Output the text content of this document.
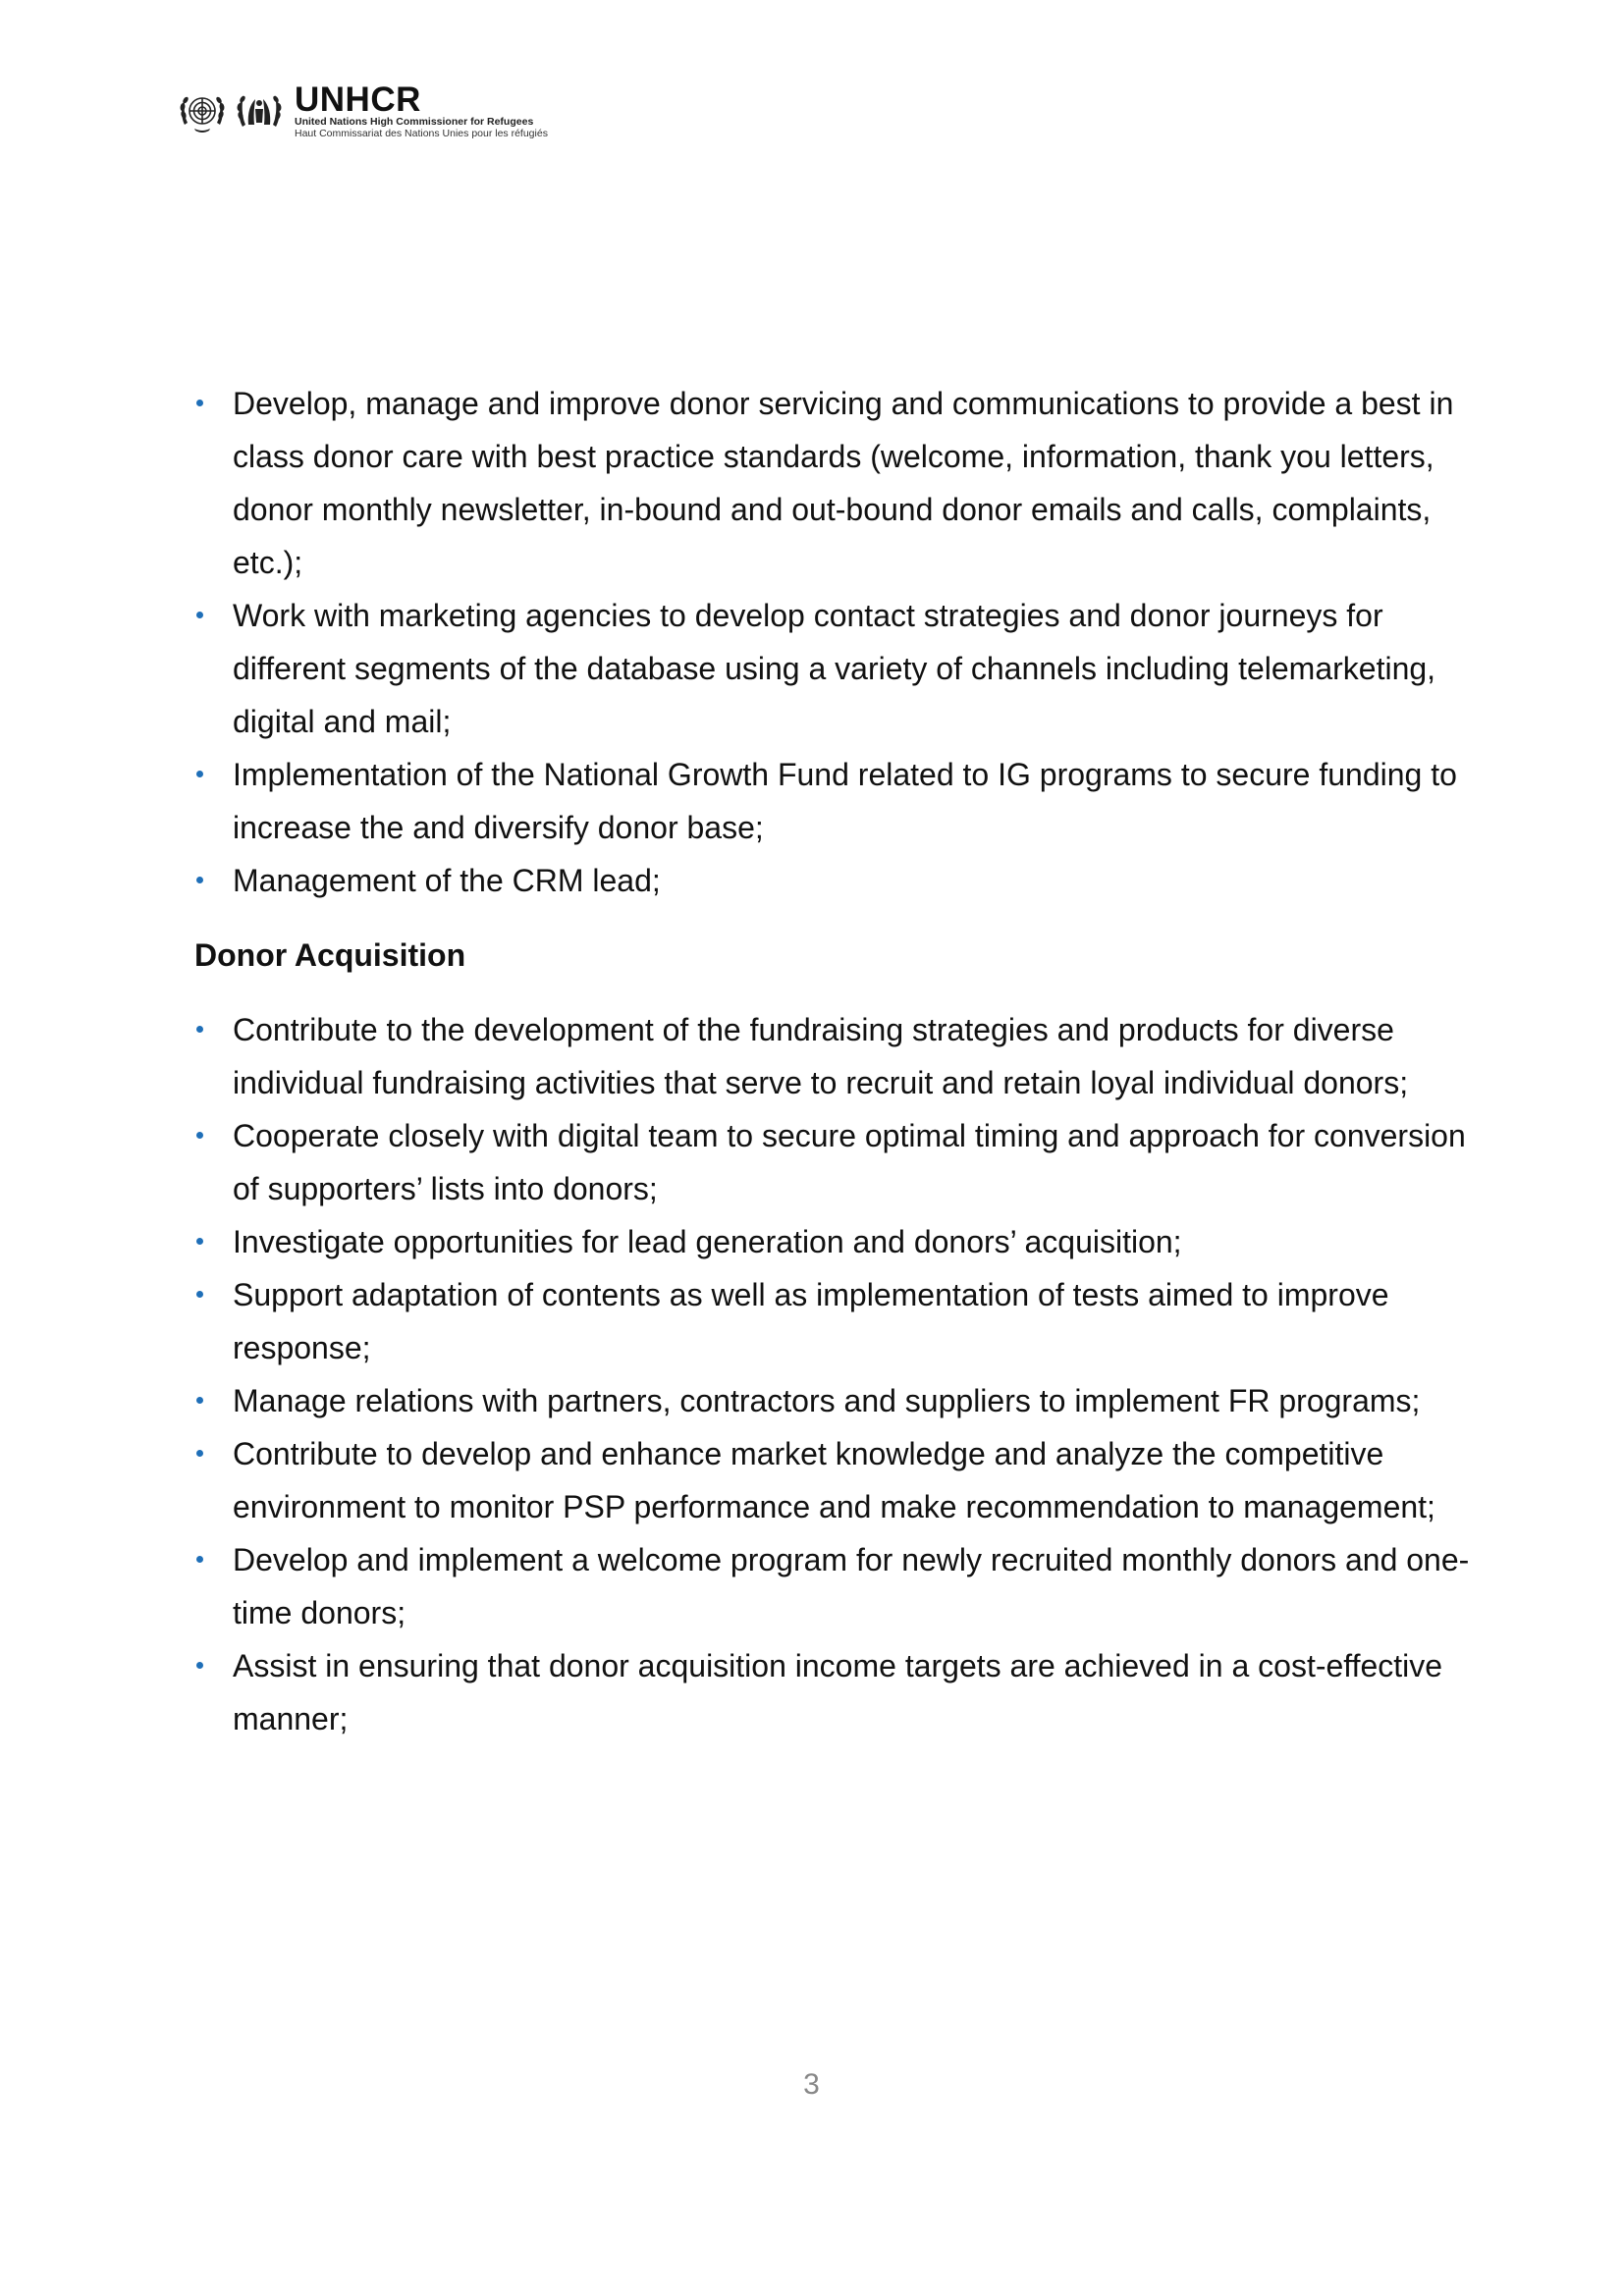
UNHCR
United Nations High Commissioner for Refugees
Haut Commissariat des Nations Unies pour les réfugiés
Develop, manage and improve donor servicing and communications to provide a best in class donor care with best practice standards (welcome, information, thank you letters, donor monthly newsletter, in-bound and out-bound donor emails and calls, complaints, etc.);
Work with marketing agencies to develop contact strategies and donor journeys for different segments of the database using a variety of channels including telemarketing, digital and mail;
Implementation of the National Growth Fund related to IG programs to secure funding to increase the and diversify donor base;
Management of the CRM lead;
Donor Acquisition
Contribute to the development of the fundraising strategies and products for diverse individual fundraising activities that serve to recruit and retain loyal individual donors;
Cooperate closely with digital team to secure optimal timing and approach for conversion of supporters’ lists into donors;
Investigate opportunities for lead generation and donors’ acquisition;
Support adaptation of contents as well as implementation of tests aimed to improve response;
Manage relations with partners, contractors and suppliers to implement FR programs;
Contribute to develop and enhance market knowledge and analyze the competitive environment to monitor PSP performance and make recommendation to management;
Develop and implement a welcome program for newly recruited monthly donors and one-time donors;
Assist in ensuring that donor acquisition income targets are achieved in a cost-effective manner;
3
